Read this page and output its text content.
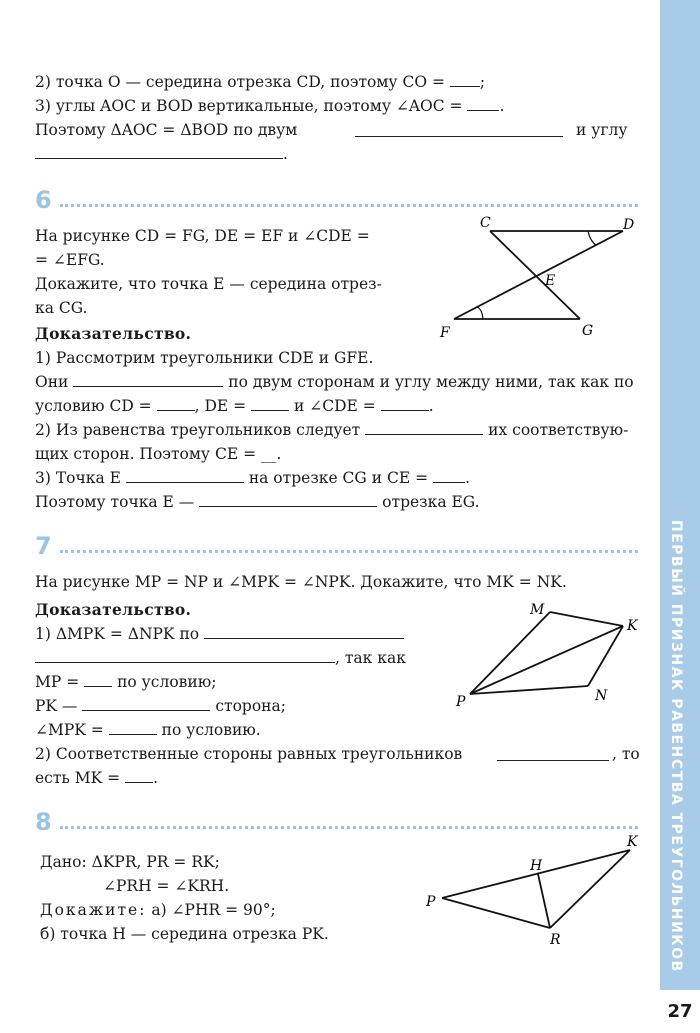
2) точка O — середина отрезка CD, поэтому CO = ;
3) углы AOC и BOD вертикальные, поэтому ∠AOC = .
Поэтому ΔAOC = ΔBOD по двум	и углу
.
6
На рисунке CD = FG, DE = EF и ∠CDE =
= ∠EFG.
Докажите, что точка E — середина отрез-
ка CG.
C	D
E
F	G
Доказательство.
1) Рассмотрим треугольники CDE и GFE.
Они	по двум сторонам и углу между ними, так как по
условию CD =	, DE =	и ∠CDE =	.
2) Из равенства треугольников следует	их соответствую-
щих сторон. Поэтому CE = __.
3) Точка E	на отрезке CG и CE = .
Поэтому точка E —	отрезка EG.
7
На рисунке MP = NP и ∠MPK = ∠NPK. Докажите, что MK = NK.
M
K
P	N
Доказательство.
1) ΔMPK = ΔNPK по
, так как
MP = по условию;
PK —	сторона;
∠MPK =	по условию.
2) Соответственные стороны равных треугольников	, то
есть MK = .
8
Дано: ΔKPR, PR = RK;
∠PRH = ∠KRH.
Докажите: а) ∠PHR = 90°;
б) точка H — середина отрезка PK.
H
K
P
R	ПЕРВЫЙ ПРИЗНАК РАВЕНСТВА ТРЕУГОЛЬНИКОВ
27
